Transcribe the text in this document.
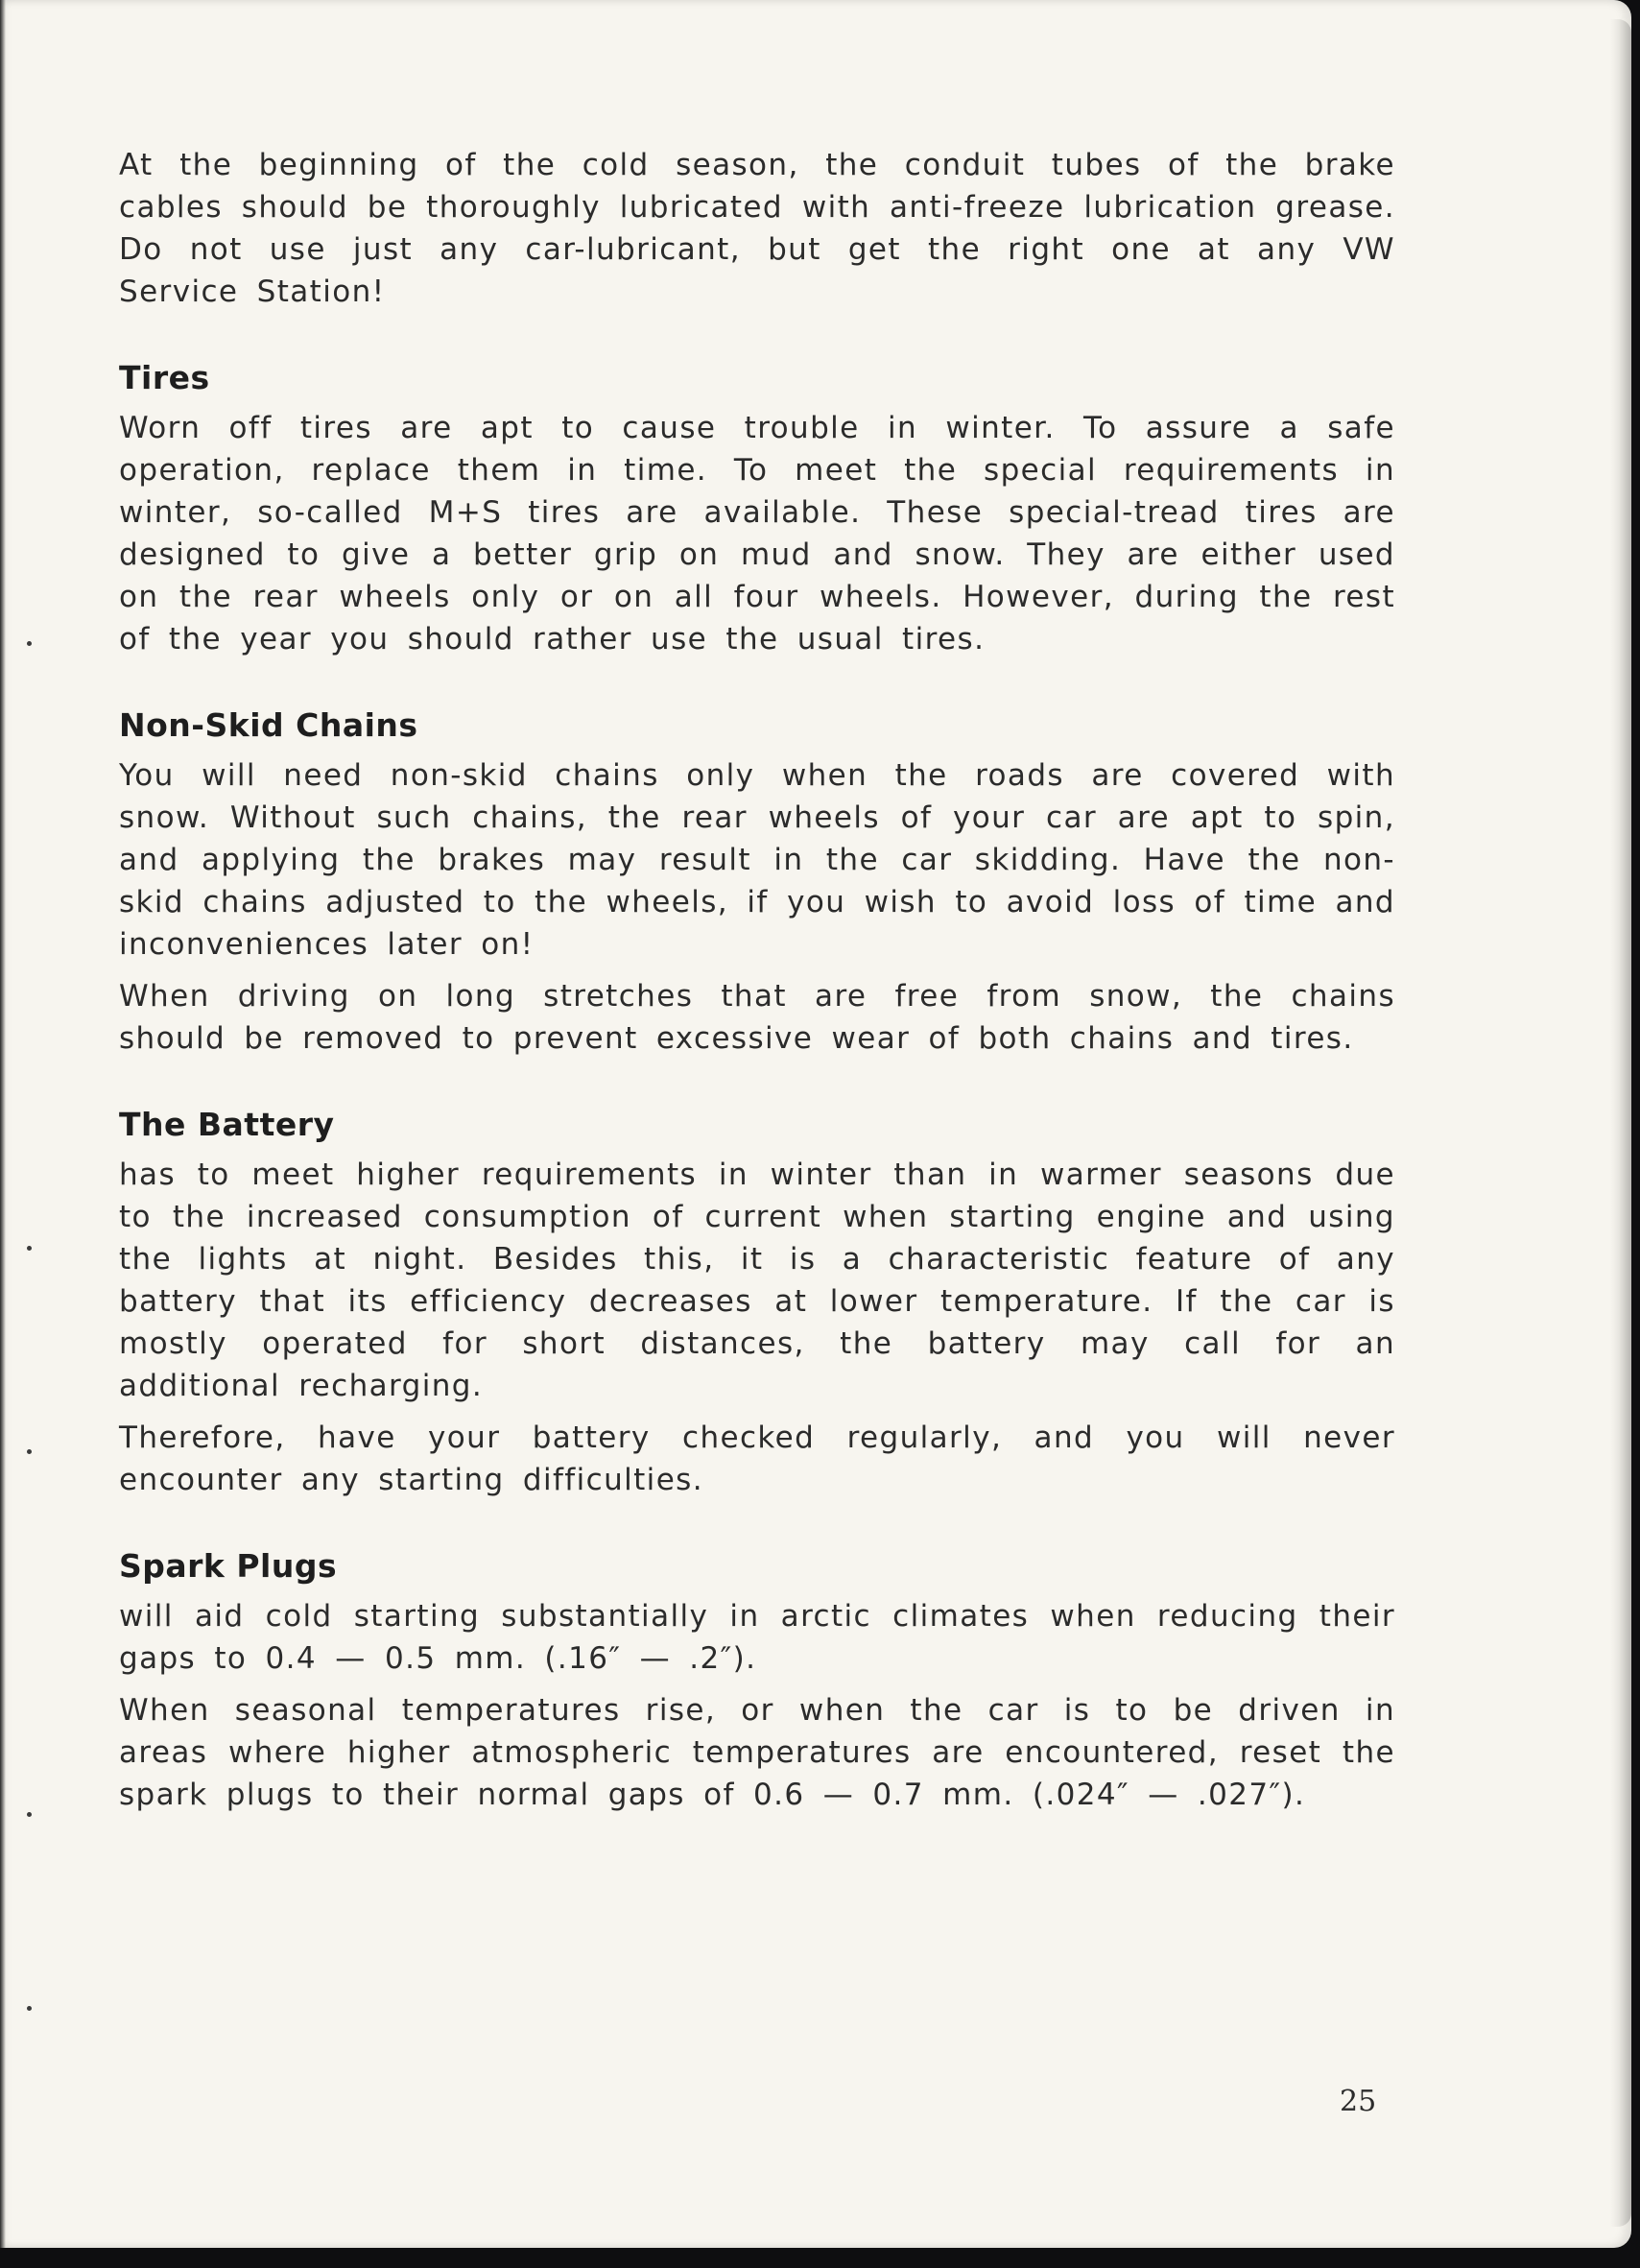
At the beginning of the cold season, the conduit tubes of the brake cables should be thoroughly lubricated with anti-freeze lubrication grease. Do not use just any car-lubricant, but get the right one at any VW Service Station!

Tires

Worn off tires are apt to cause trouble in winter. To assure a safe operation, replace them in time. To meet the special requirements in winter, so-called M+S tires are available. These special-tread tires are designed to give a better grip on mud and snow. They are either used on the rear wheels only or on all four wheels. However, during the rest of the year you should rather use the usual tires.

Non-Skid Chains

You will need non-skid chains only when the roads are covered with snow. Without such chains, the rear wheels of your car are apt to spin, and applying the brakes may result in the car skidding. Have the non-skid chains adjusted to the wheels, if you wish to avoid loss of time and inconveniences later on!

When driving on long stretches that are free from snow, the chains should be removed to prevent excessive wear of both chains and tires.

The Battery

has to meet higher requirements in winter than in warmer seasons due to the increased consumption of current when starting engine and using the lights at night. Besides this, it is a characteristic feature of any battery that its efficiency decreases at lower temperature. If the car is mostly operated for short distances, the battery may call for an additional recharging.

Therefore, have your battery checked regularly, and you will never encounter any starting difficulties.

Spark Plugs

will aid cold starting substantially in arctic climates when reducing their gaps to 0.4 — 0.5 mm. (.16″ — .2″).

When seasonal temperatures rise, or when the car is to be driven in areas where higher atmospheric temperatures are encountered, reset the spark plugs to their normal gaps of 0.6 — 0.7 mm. (.024″ — .027″).

25
